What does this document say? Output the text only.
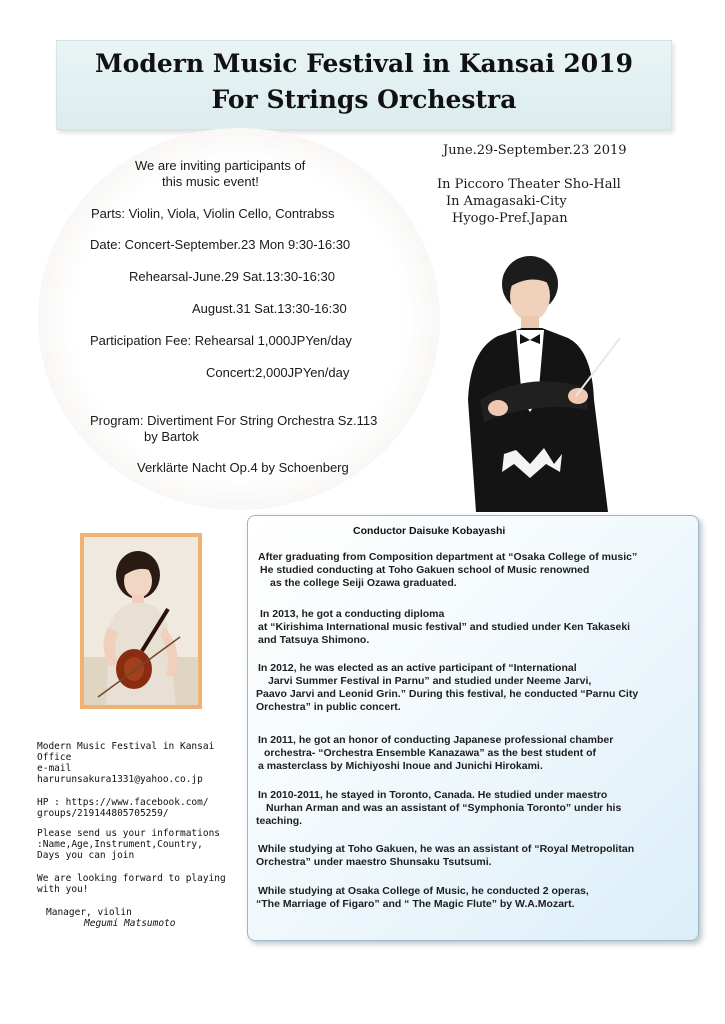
Modern Music Festival in Kansai 2019
For Strings Orchestra
We are inviting participants of
this music event!
Parts: Violin, Viola, Violin Cello, Contrabss
Date: Concert-September.23 Mon 9:30-16:30
Rehearsal-June.29 Sat.13:30-16:30
August.31 Sat.13:30-16:30
Participation Fee: Rehearsal 1,000JPYen/day
Concert:2,000JPYen/day
Program: Divertiment For String Orchestra Sz.113
by Bartok
Verklärte Nacht Op.4 by Schoenberg
June.29-September.23 2019
In Piccoro Theater Sho-Hall
In Amagasaki-City
Hyogo-Pref.Japan
Modern Music Festival in Kansai
Office
e-mail
harurunsakura1331@yahoo.co.jp
HP : https://www.facebook.com/
groups/219144805705259/
Please send us your informations
:Name,Age,Instrument,Country,
Days you can join
We are looking forward to playing
with you!
Manager, violin
Megumi Matsumoto
Conductor Daisuke Kobayashi
After graduating from Composition department at “Osaka College of music”
He studied conducting at Toho Gakuen school of Music renowned
as the college Seiji Ozawa graduated.
In 2013, he got a conducting diploma
at “Kirishima International music festival” and studied under Ken Takaseki
and Tatsuya Shimono.
In 2012, he was elected as an active participant of “International
Jarvi Summer Festival in Parnu” and studied under Neeme Jarvi,
Paavo Jarvi and Leonid Grin.” During this festival, he conducted “Parnu City
Orchestra” in public concert.
In 2011, he got an honor of conducting Japanese professional chamber
orchestra- “Orchestra Ensemble Kanazawa” as the best student of
a masterclass by Michiyoshi Inoue and Junichi Hirokami.
In 2010-2011, he stayed in Toronto, Canada. He studied under maestro
Nurhan Arman and was an assistant of “Symphonia Toronto” under his
teaching.
While studying at Toho Gakuen, he was an assistant of “Royal Metropolitan
Orchestra” under maestro Shunsaku Tsutsumi.
While studying at Osaka College of Music, he conducted 2 operas,
“The Marriage of Figaro” and “ The Magic Flute” by W.A.Mozart.
